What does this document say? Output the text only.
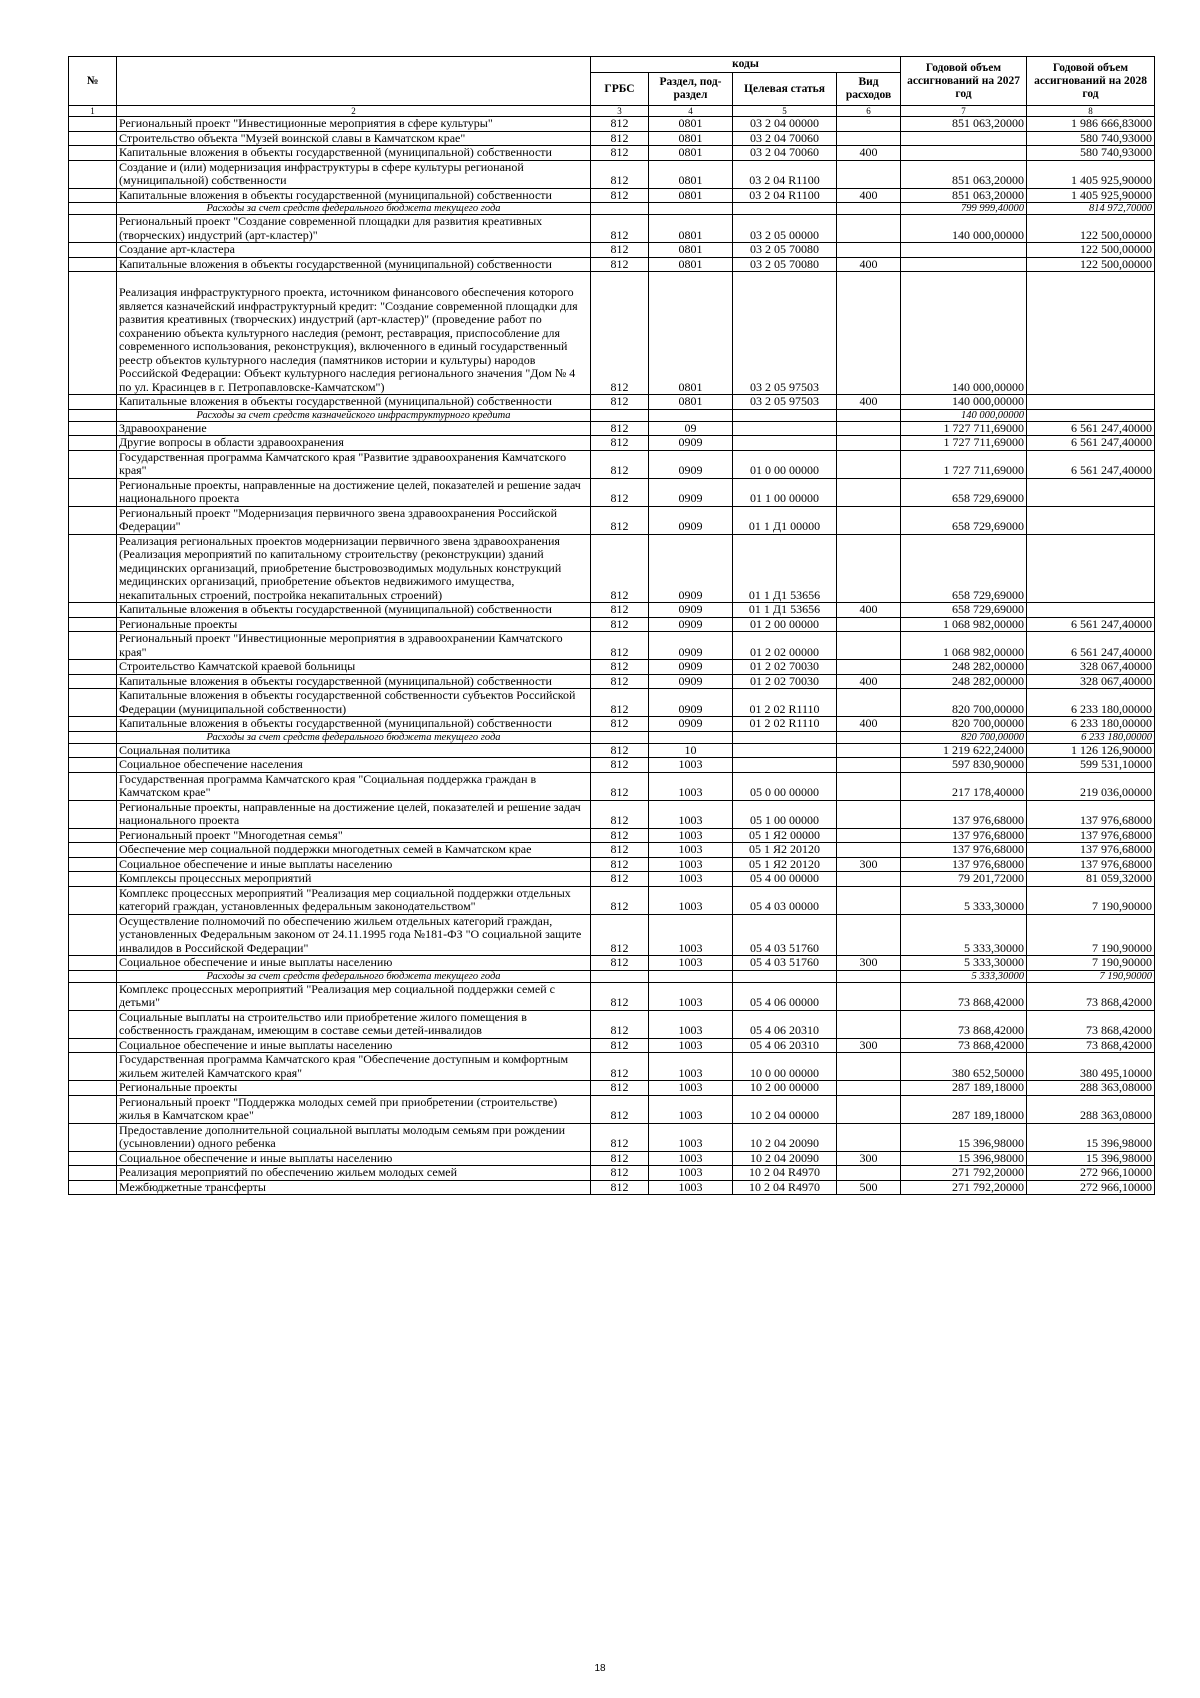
№		коды				Годовой объем ассигнований на 2027 год	Годовой объем ассигнований на 2028 год
		ГРБС	Раздел, под-раздел	Целевая статья	Вид расходов		
1	2	3	4	5	6	7	8
	Региональный проект "Инвестиционные мероприятия в сфере культуры"	812	0801	03 2 04 00000		851 063,20000	1 986 666,83000
	Строительство объекта "Музей воинской славы в Камчатском крае"	812	0801	03 2 04 70060			580 740,93000
	Капитальные вложения в объекты государственной (муниципальной) собственности	812	0801	03 2 04 70060	400		580 740,93000
	Создание и (или) модернизация инфраструктуры в сфере культуры регионаной (муниципальной) собственности	812	0801	03 2 04 R1100		851 063,20000	1 405 925,90000
	Капитальные вложения в объекты государственной (муниципальной) собственности	812	0801	03 2 04 R1100	400	851 063,20000	1 405 925,90000
	Расходы за счет средств федерального бюджета текущего года					799 999,40000	814 972,70000
	Региональный проект "Создание современной площадки для развития креативных (творческих) индустрий (арт-кластер)"	812	0801	03 2 05 00000		140 000,00000	122 500,00000
	Создание арт-кластера	812	0801	03 2 05 70080			122 500,00000
	Капитальные вложения в объекты государственной (муниципальной) собственности	812	0801	03 2 05 70080	400		122 500,00000
	Реализация инфраструктурного проекта, источником финансового обеспечения которого является казначейский инфраструктурный кредит: "Создание современной площадки для развития креативных (творческих) индустрий (арт-кластер)" (проведение работ по сохранению объекта культурного наследия (ремонт, реставрация, приспособление для современного использования, реконструкция), включенного в единый государственный реестр объектов культурного наследия (памятников истории и культуры) народов Российской Федерации: Объект культурного наследия регионального значения "Дом № 4 по ул. Красинцев в г. Петропавловске-Камчатском")	812	0801	03 2 05 97503		140 000,00000	
	Капитальные вложения в объекты государственной (муниципальной) собственности	812	0801	03 2 05 97503	400	140 000,00000	
	Расходы за счет средств казначейского инфраструктурного кредита					140 000,00000	
	Здравоохранение	812	09			1 727 711,69000	6 561 247,40000
	Другие вопросы в области здравоохранения	812	0909			1 727 711,69000	6 561 247,40000
	Государственная программа Камчатского края "Развитие здравоохранения Камчатского края"	812	0909	01 0 00 00000		1 727 711,69000	6 561 247,40000
	Региональные проекты, направленные на достижение целей, показателей и решение задач национального проекта	812	0909	01 1 00 00000		658 729,69000	
	Региональный проект "Модернизация первичного звена здравоохранения Российской Федерации"	812	0909	01 1 Д1 00000		658 729,69000	
	Реализация региональных проектов модернизации первичного звена здравоохранения (Реализация мероприятий по капитальному строительству (реконструкции) зданий медицинских организаций, приобретение быстровозводимых модульных конструкций медицинских организаций, приобретение объектов недвижимого имущества, некапитальных строений, постройка некапитальных строений)	812	0909	01 1 Д1 53656		658 729,69000	
	Капитальные вложения в объекты государственной (муниципальной) собственности	812	0909	01 1 Д1 53656	400	658 729,69000	
	Региональные проекты	812	0909	01 2 00 00000		1 068 982,00000	6 561 247,40000
	Региональный проект "Инвестиционные мероприятия в здравоохранении Камчатского края"	812	0909	01 2 02 00000		1 068 982,00000	6 561 247,40000
	Строительство Камчатской краевой больницы	812	0909	01 2 02 70030		248 282,00000	328 067,40000
	Капитальные вложения в объекты государственной (муниципальной) собственности	812	0909	01 2 02 70030	400	248 282,00000	328 067,40000
	Капитальные вложения в объекты государственной собственности субъектов Российской Федерации (муниципальной собственности)	812	0909	01 2 02 R1110		820 700,00000	6 233 180,00000
	Капитальные вложения в объекты государственной (муниципальной) собственности	812	0909	01 2 02 R1110	400	820 700,00000	6 233 180,00000
	Расходы за счет средств федерального бюджета текущего года					820 700,00000	6 233 180,00000
	Социальная политика	812	10			1 219 622,24000	1 126 126,90000
	Социальное обеспечение населения	812	1003			597 830,90000	599 531,10000
	Государственная программа Камчатского края "Социальная поддержка граждан в Камчатском крае"	812	1003	05 0 00 00000		217 178,40000	219 036,00000
	Региональные проекты, направленные на достижение целей, показателей и решение задач национального проекта	812	1003	05 1 00 00000		137 976,68000	137 976,68000
	Региональный проект "Многодетная семья"	812	1003	05 1 Я2 00000		137 976,68000	137 976,68000
	Обеспечение мер социальной поддержки многодетных семей в Камчатском крае	812	1003	05 1 Я2 20120		137 976,68000	137 976,68000
	Социальное обеспечение и иные выплаты населению	812	1003	05 1 Я2 20120	300	137 976,68000	137 976,68000
	Комплексы процессных мероприятий	812	1003	05 4 00 00000		79 201,72000	81 059,32000
	Комплекс процессных мероприятий "Реализация мер социальной поддержки отдельных категорий граждан, установленных федеральным законодательством"	812	1003	05 4 03 00000		5 333,30000	7 190,90000
	Осуществление полномочий по обеспечению жильем отдельных категорий граждан, установленных Федеральным законом от 24.11.1995 года №181-ФЗ "О социальной защите инвалидов в Российской Федерации"	812	1003	05 4 03 51760		5 333,30000	7 190,90000
	Социальное обеспечение и иные выплаты населению	812	1003	05 4 03 51760	300	5 333,30000	7 190,90000
	Расходы за счет средств федерального бюджета текущего года					5 333,30000	7 190,90000
	Комплекс процессных мероприятий "Реализация мер социальной поддержки семей с детьми"	812	1003	05 4 06 00000		73 868,42000	73 868,42000
	Социальные выплаты на строительство или приобретение жилого помещения в собственность гражданам, имеющим в составе семьи детей-инвалидов	812	1003	05 4 06 20310		73 868,42000	73 868,42000
	Социальное обеспечение и иные выплаты населению	812	1003	05 4 06 20310	300	73 868,42000	73 868,42000
	Государственная программа Камчатского края "Обеспечение доступным и комфортным жильем жителей Камчатского края"	812	1003	10 0 00 00000		380 652,50000	380 495,10000
	Региональные проекты	812	1003	10 2 00 00000		287 189,18000	288 363,08000
	Региональный проект "Поддержка молодых семей при приобретении (строительстве) жилья в Камчатском крае"	812	1003	10 2 04 00000		287 189,18000	288 363,08000
	Предоставление дополнительной социальной выплаты молодым семьям при рождении (усыновлении) одного ребенка	812	1003	10 2 04 20090		15 396,98000	15 396,98000
	Социальное обеспечение и иные выплаты населению	812	1003	10 2 04 20090	300	15 396,98000	15 396,98000
	Реализация мероприятий по обеспечению жильем молодых семей	812	1003	10 2 04 R4970		271 792,20000	272 966,10000
	Межбюджетные трансферты	812	1003	10 2 04 R4970	500	271 792,20000	272 966,10000
18
